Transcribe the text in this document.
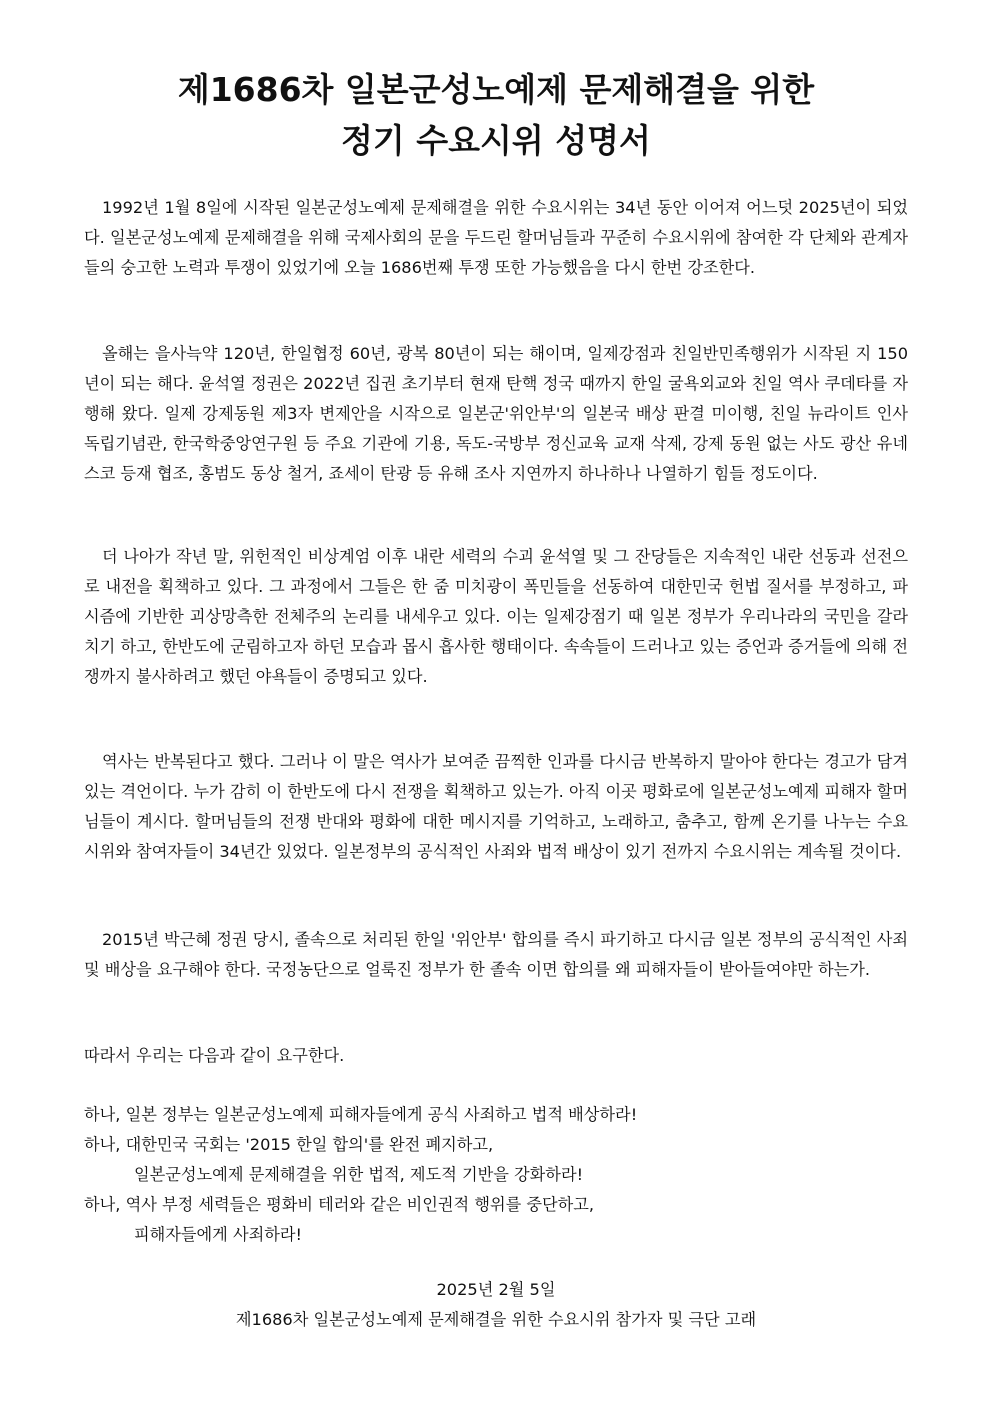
제1686차 일본군성노예제 문제해결을 위한
정기 수요시위 성명서

1992년 1월 8일에 시작된 일본군성노예제 문제해결을 위한 수요시위는 34년 동안 이어져 어느덧 2025년이 되었다. 일본군성노예제 문제해결을 위해 국제사회의 문을 두드린 할머님들과 꾸준히 수요시위에 참여한 각 단체와 관계자들의 숭고한 노력과 투쟁이 있었기에 오늘 1686번째 투쟁 또한 가능했음을 다시 한번 강조한다.

올해는 을사늑약 120년, 한일협정 60년, 광복 80년이 되는 해이며, 일제강점과 친일반민족행위가 시작된 지 150년이 되는 해다. 윤석열 정권은 2022년 집권 초기부터 현재 탄핵 정국 때까지 한일 굴욕외교와 친일 역사 쿠데타를 자행해 왔다. 일제 강제동원 제3자 변제안을 시작으로 일본군'위안부'의 일본국 배상 판결 미이행, 친일 뉴라이트 인사 독립기념관, 한국학중앙연구원 등 주요 기관에 기용, 독도-국방부 정신교육 교재 삭제, 강제 동원 없는 사도 광산 유네스코 등재 협조, 홍범도 동상 철거, 죠세이 탄광 등 유해 조사 지연까지 하나하나 나열하기 힘들 정도이다.

더 나아가 작년 말, 위헌적인 비상계엄 이후 내란 세력의 수괴 윤석열 및 그 잔당들은 지속적인 내란 선동과 선전으로 내전을 획책하고 있다. 그 과정에서 그들은 한 줌 미치광이 폭민들을 선동하여 대한민국 헌법 질서를 부정하고, 파시즘에 기반한 괴상망측한 전체주의 논리를 내세우고 있다. 이는 일제강점기 때 일본 정부가 우리나라의 국민을 갈라치기 하고, 한반도에 군림하고자 하던 모습과 몹시 흡사한 행태이다. 속속들이 드러나고 있는 증언과 증거들에 의해 전쟁까지 불사하려고 했던 야욕들이 증명되고 있다.

역사는 반복된다고 했다. 그러나 이 말은 역사가 보여준 끔찍한 인과를 다시금 반복하지 말아야 한다는 경고가 담겨있는 격언이다. 누가 감히 이 한반도에 다시 전쟁을 획책하고 있는가. 아직 이곳 평화로에 일본군성노예제 피해자 할머님들이 계시다. 할머님들의 전쟁 반대와 평화에 대한 메시지를 기억하고, 노래하고, 춤추고, 함께 온기를 나누는 수요시위와 참여자들이 34년간 있었다. 일본정부의 공식적인 사죄와 법적 배상이 있기 전까지 수요시위는 계속될 것이다.

2015년 박근혜 정권 당시, 졸속으로 처리된 한일 '위안부' 합의를 즉시 파기하고 다시금 일본 정부의 공식적인 사죄 및 배상을 요구해야 한다. 국정농단으로 얼룩진 정부가 한 졸속 이면 합의를 왜 피해자들이 받아들여야만 하는가.

따라서 우리는 다음과 같이 요구한다.

하나, 일본 정부는 일본군성노예제 피해자들에게 공식 사죄하고 법적 배상하라!
하나, 대한민국 국회는 '2015 한일 합의'를 완전 폐지하고,
일본군성노예제 문제해결을 위한 법적, 제도적 기반을 강화하라!
하나, 역사 부정 세력들은 평화비 테러와 같은 비인권적 행위를 중단하고,
피해자들에게 사죄하라!
2025년 2월 5일
제1686차 일본군성노예제 문제해결을 위한 수요시위 참가자 및 극단 고래
